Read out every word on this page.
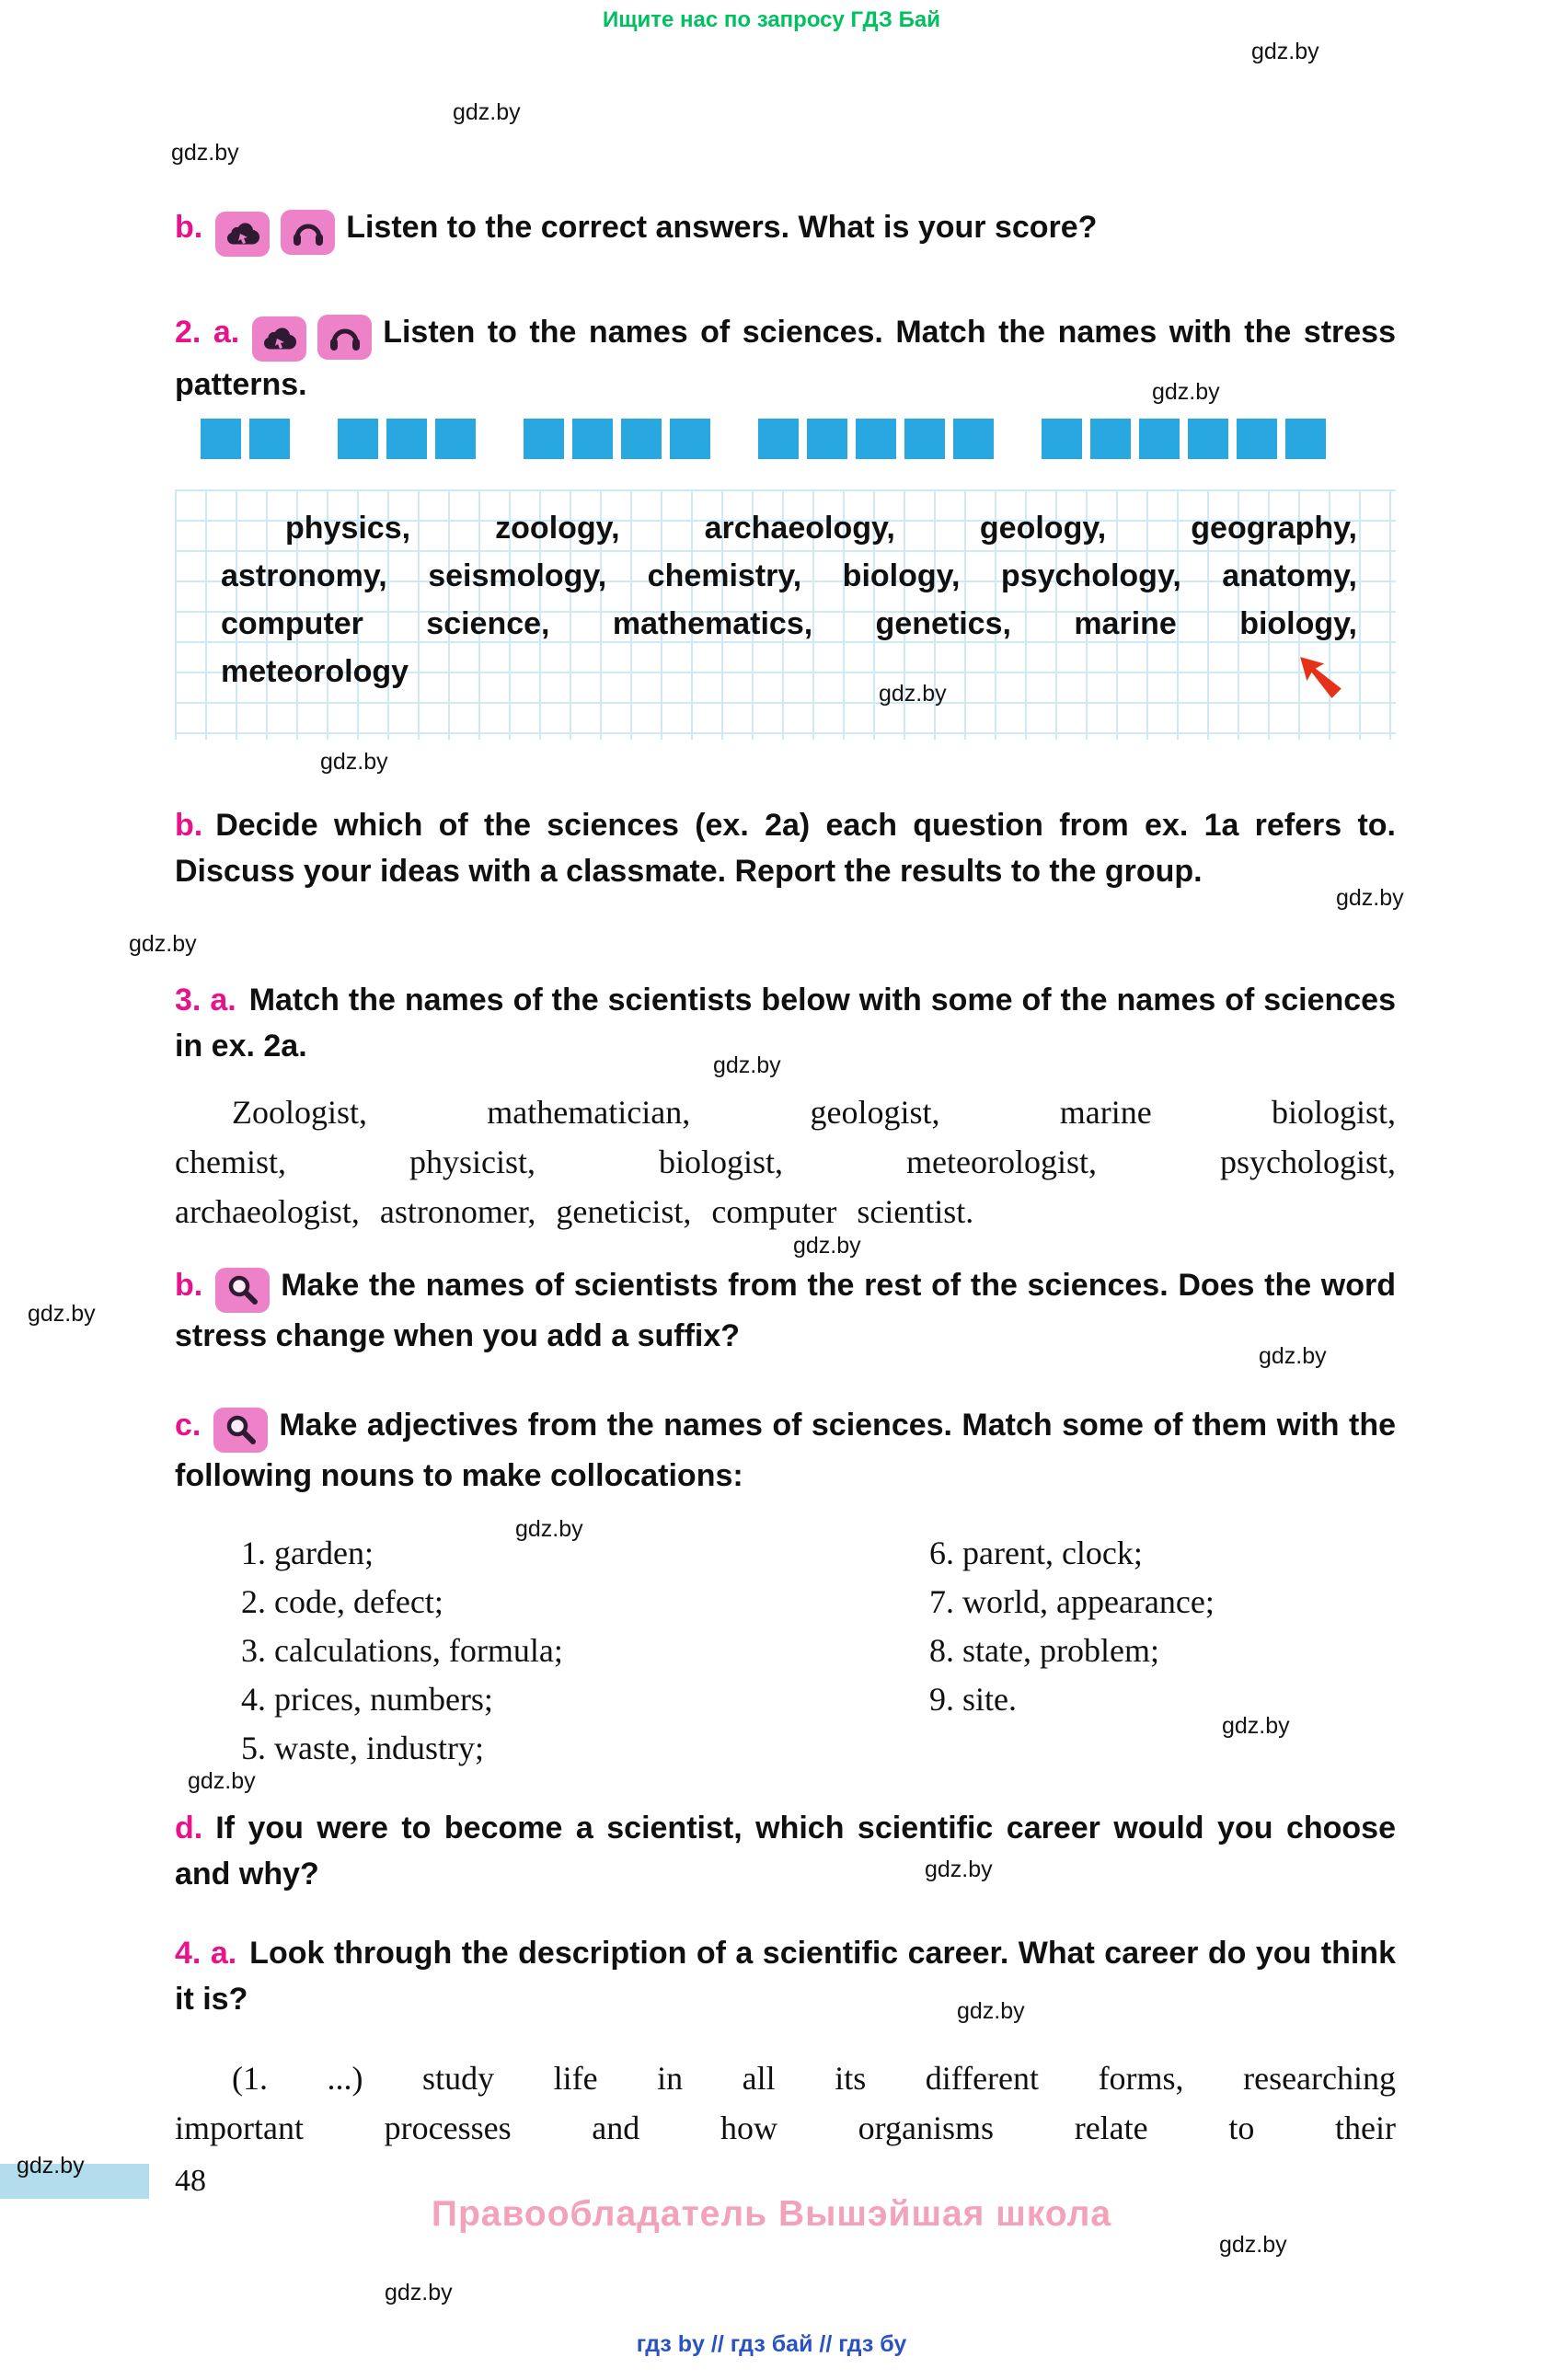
Ищите нас по запросу ГДЗ Бай
gdz.by
gdz.by
gdz.by
gdz.by
gdz.by
gdz.by
gdz.by
gdz.by
gdz.by
gdz.by
gdz.by
gdz.by
gdz.by
gdz.by
gdz.by
gdz.by
gdz.by
gdz.by
gdz.by
gdz.by

b.	Listen to the correct answers. What is your score?

2. a.	Listen to the names of sciences. Match the names with the stress patterns.

physics, zoology, archaeology, geology, geography,
astronomy, seismology, chemistry, biology, psychology, anatomy,
computer science, mathematics, genetics, marine biology,
meteorology

b. Decide which of the sciences (ex. 2a) each question from ex. 1a refers to. Discuss your ideas with a classmate. Report the results to the group.

3. a. Match the names of the scientists below with some of the names of sciences in ex. 2a.

Zoologist, mathematician, geologist, marine biologist,
chemist, physicist, biologist, meteorologist, psychologist,
archaeologist, astronomer, geneticist, computer scientist.

b.	Make the names of scientists from the rest of the sciences. Does the word stress change when you add a suffix?

c.	Make adjectives from the names of sciences. Match some of them with the following nouns to make collocations:

1. garden;
2. code, defect;
3. calculations, formula;
4. prices, numbers;
5. waste, industry;
6. parent, clock;
7. world, appearance;
8. state, problem;
9. site.

d. If you were to become a scientist, which scientific career would you choose and why?

4. a. Look through the description of a scientific career. What career do you think it is?

(1. ...) study life in all its different forms, researching
important processes and how organisms relate to their
48
Правообладатель Вышэйшая школа
гдз by // гдз бай // гдз бу
